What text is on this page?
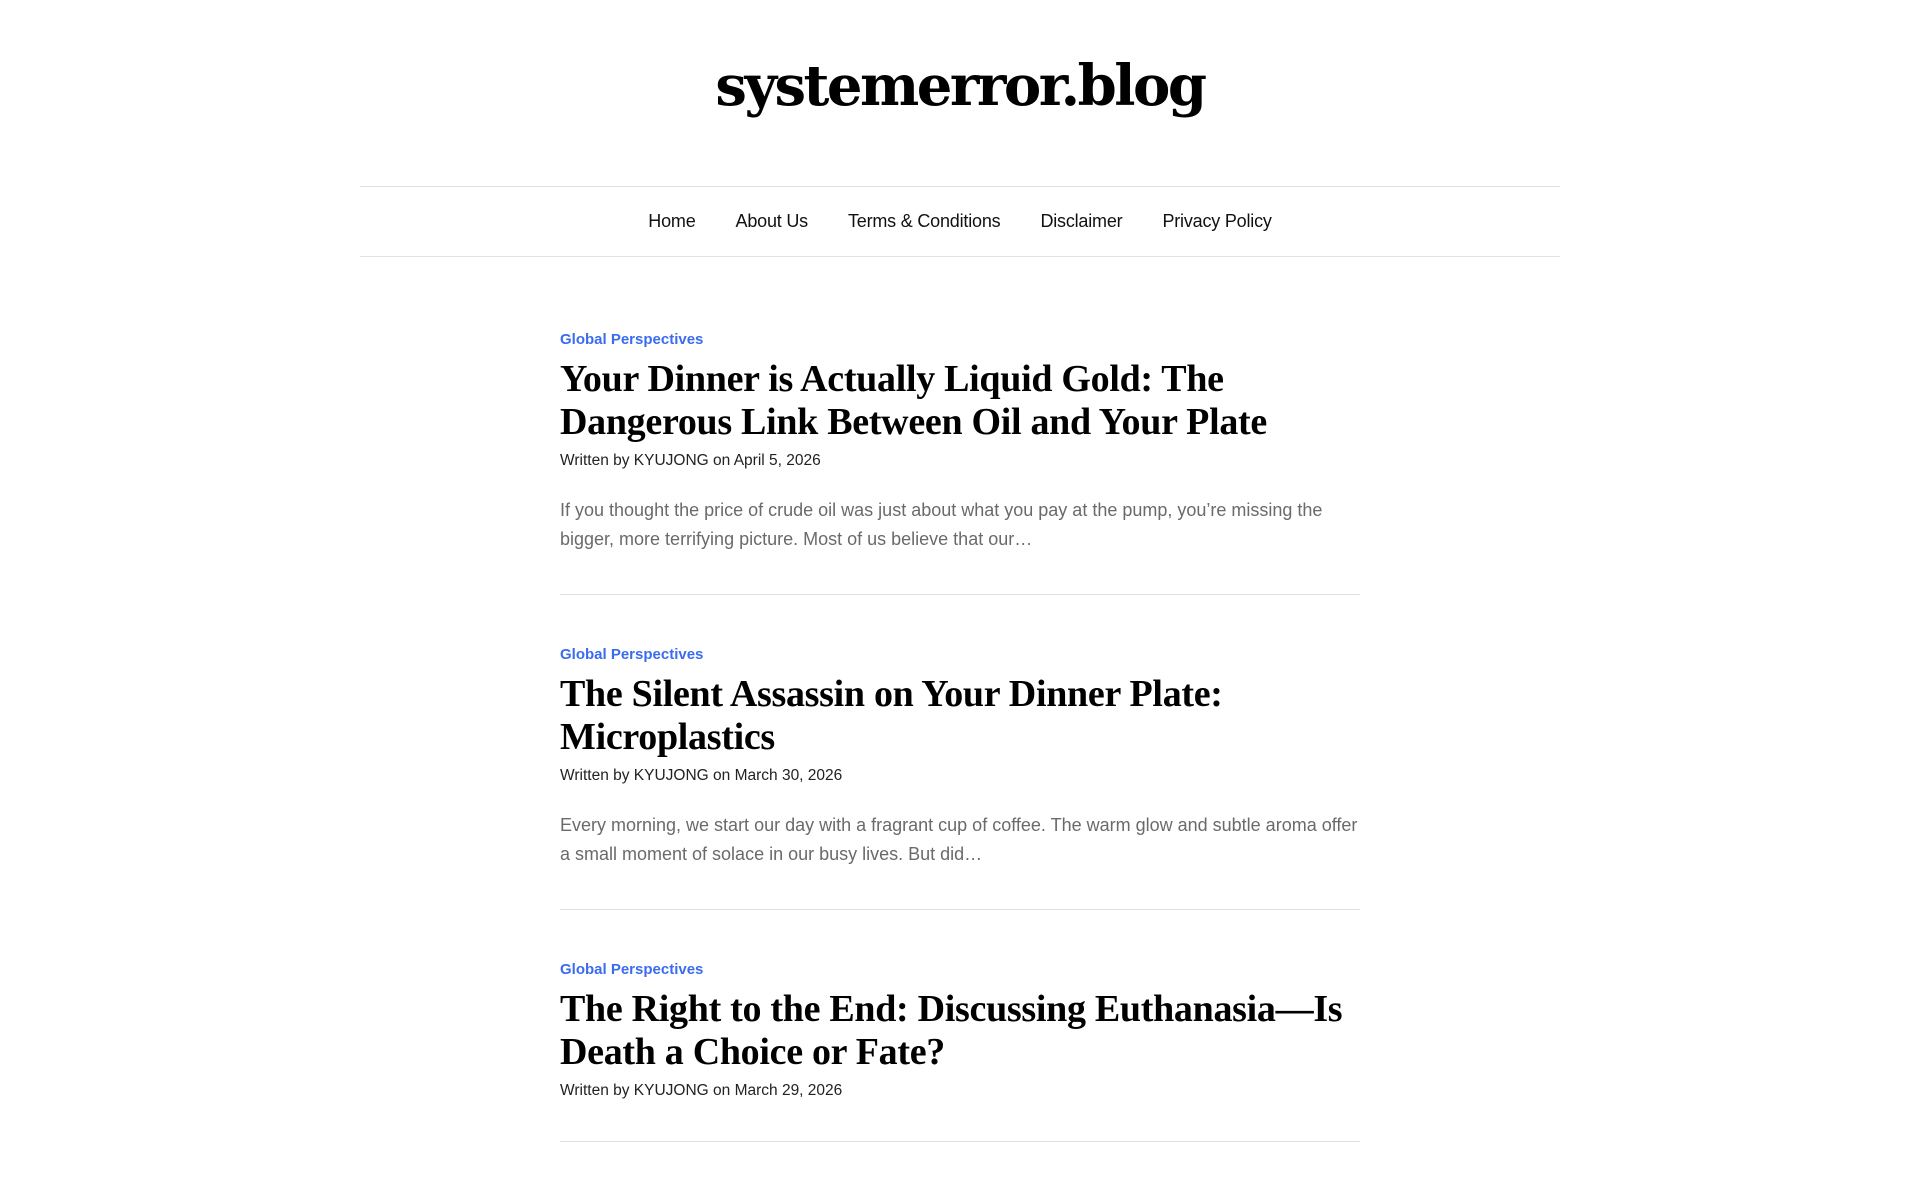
systemerror.blog
Home	About Us	Terms & Conditions	Disclaimer	Privacy Policy
Global Perspectives
Your Dinner is Actually Liquid Gold: The Dangerous Link Between Oil and Your Plate
Written by KYUJONG on April 5, 2026

If you thought the price of crude oil was just about what you pay at the pump, you’re missing the bigger, more terrifying picture. Most of us believe that our…

Global Perspectives
The Silent Assassin on Your Dinner Plate: Microplastics
Written by KYUJONG on March 30, 2026

Every morning, we start our day with a fragrant cup of coffee. The warm glow and subtle aroma offer a small moment of solace in our busy lives. But did…

Global Perspectives
The Right to the End: Discussing Euthanasia—Is Death a Choice or Fate?
Written by KYUJONG on March 29, 2026
